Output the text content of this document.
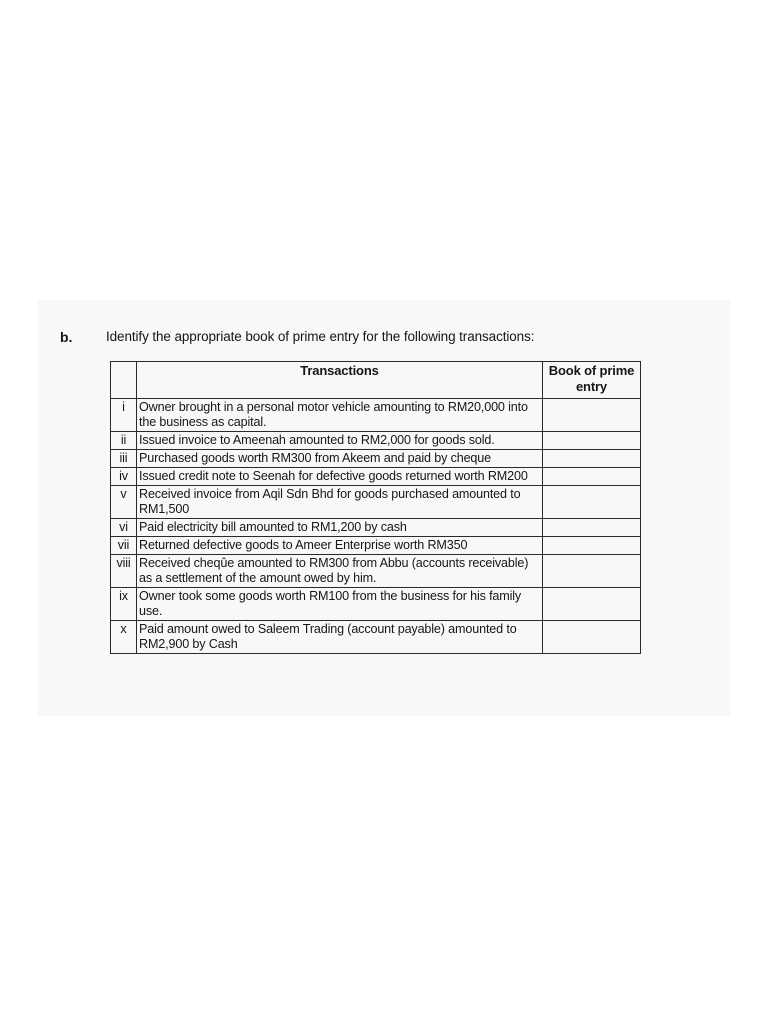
b. Identify the appropriate book of prime entry for the following transactions:
	Transactions	Book of prime entry
i	Owner brought in a personal motor vehicle amounting to RM20,000 into the business as capital.	
ii	Issued invoice to Ameenah amounted to RM2,000 for goods sold.	
iii	Purchased goods worth RM300 from Akeem and paid by cheque	
iv	Issued credit note to Seenah for defective goods returned worth RM200	
v	Received invoice from Aqil Sdn Bhd for goods purchased amounted to RM1,500	
vi	Paid electricity bill amounted to RM1,200 by cash	
vii	Returned defective goods to Ameer Enterprise worth RM350	
viii	Received cheqûe amounted to RM300 from Abbu (accounts receivable) as a settlement of the amount owed by him.	
ix	Owner took some goods worth RM100 from the business for his family use.	
x	Paid amount owed to Saleem Trading (account payable) amounted to RM2,900 by Cash	
